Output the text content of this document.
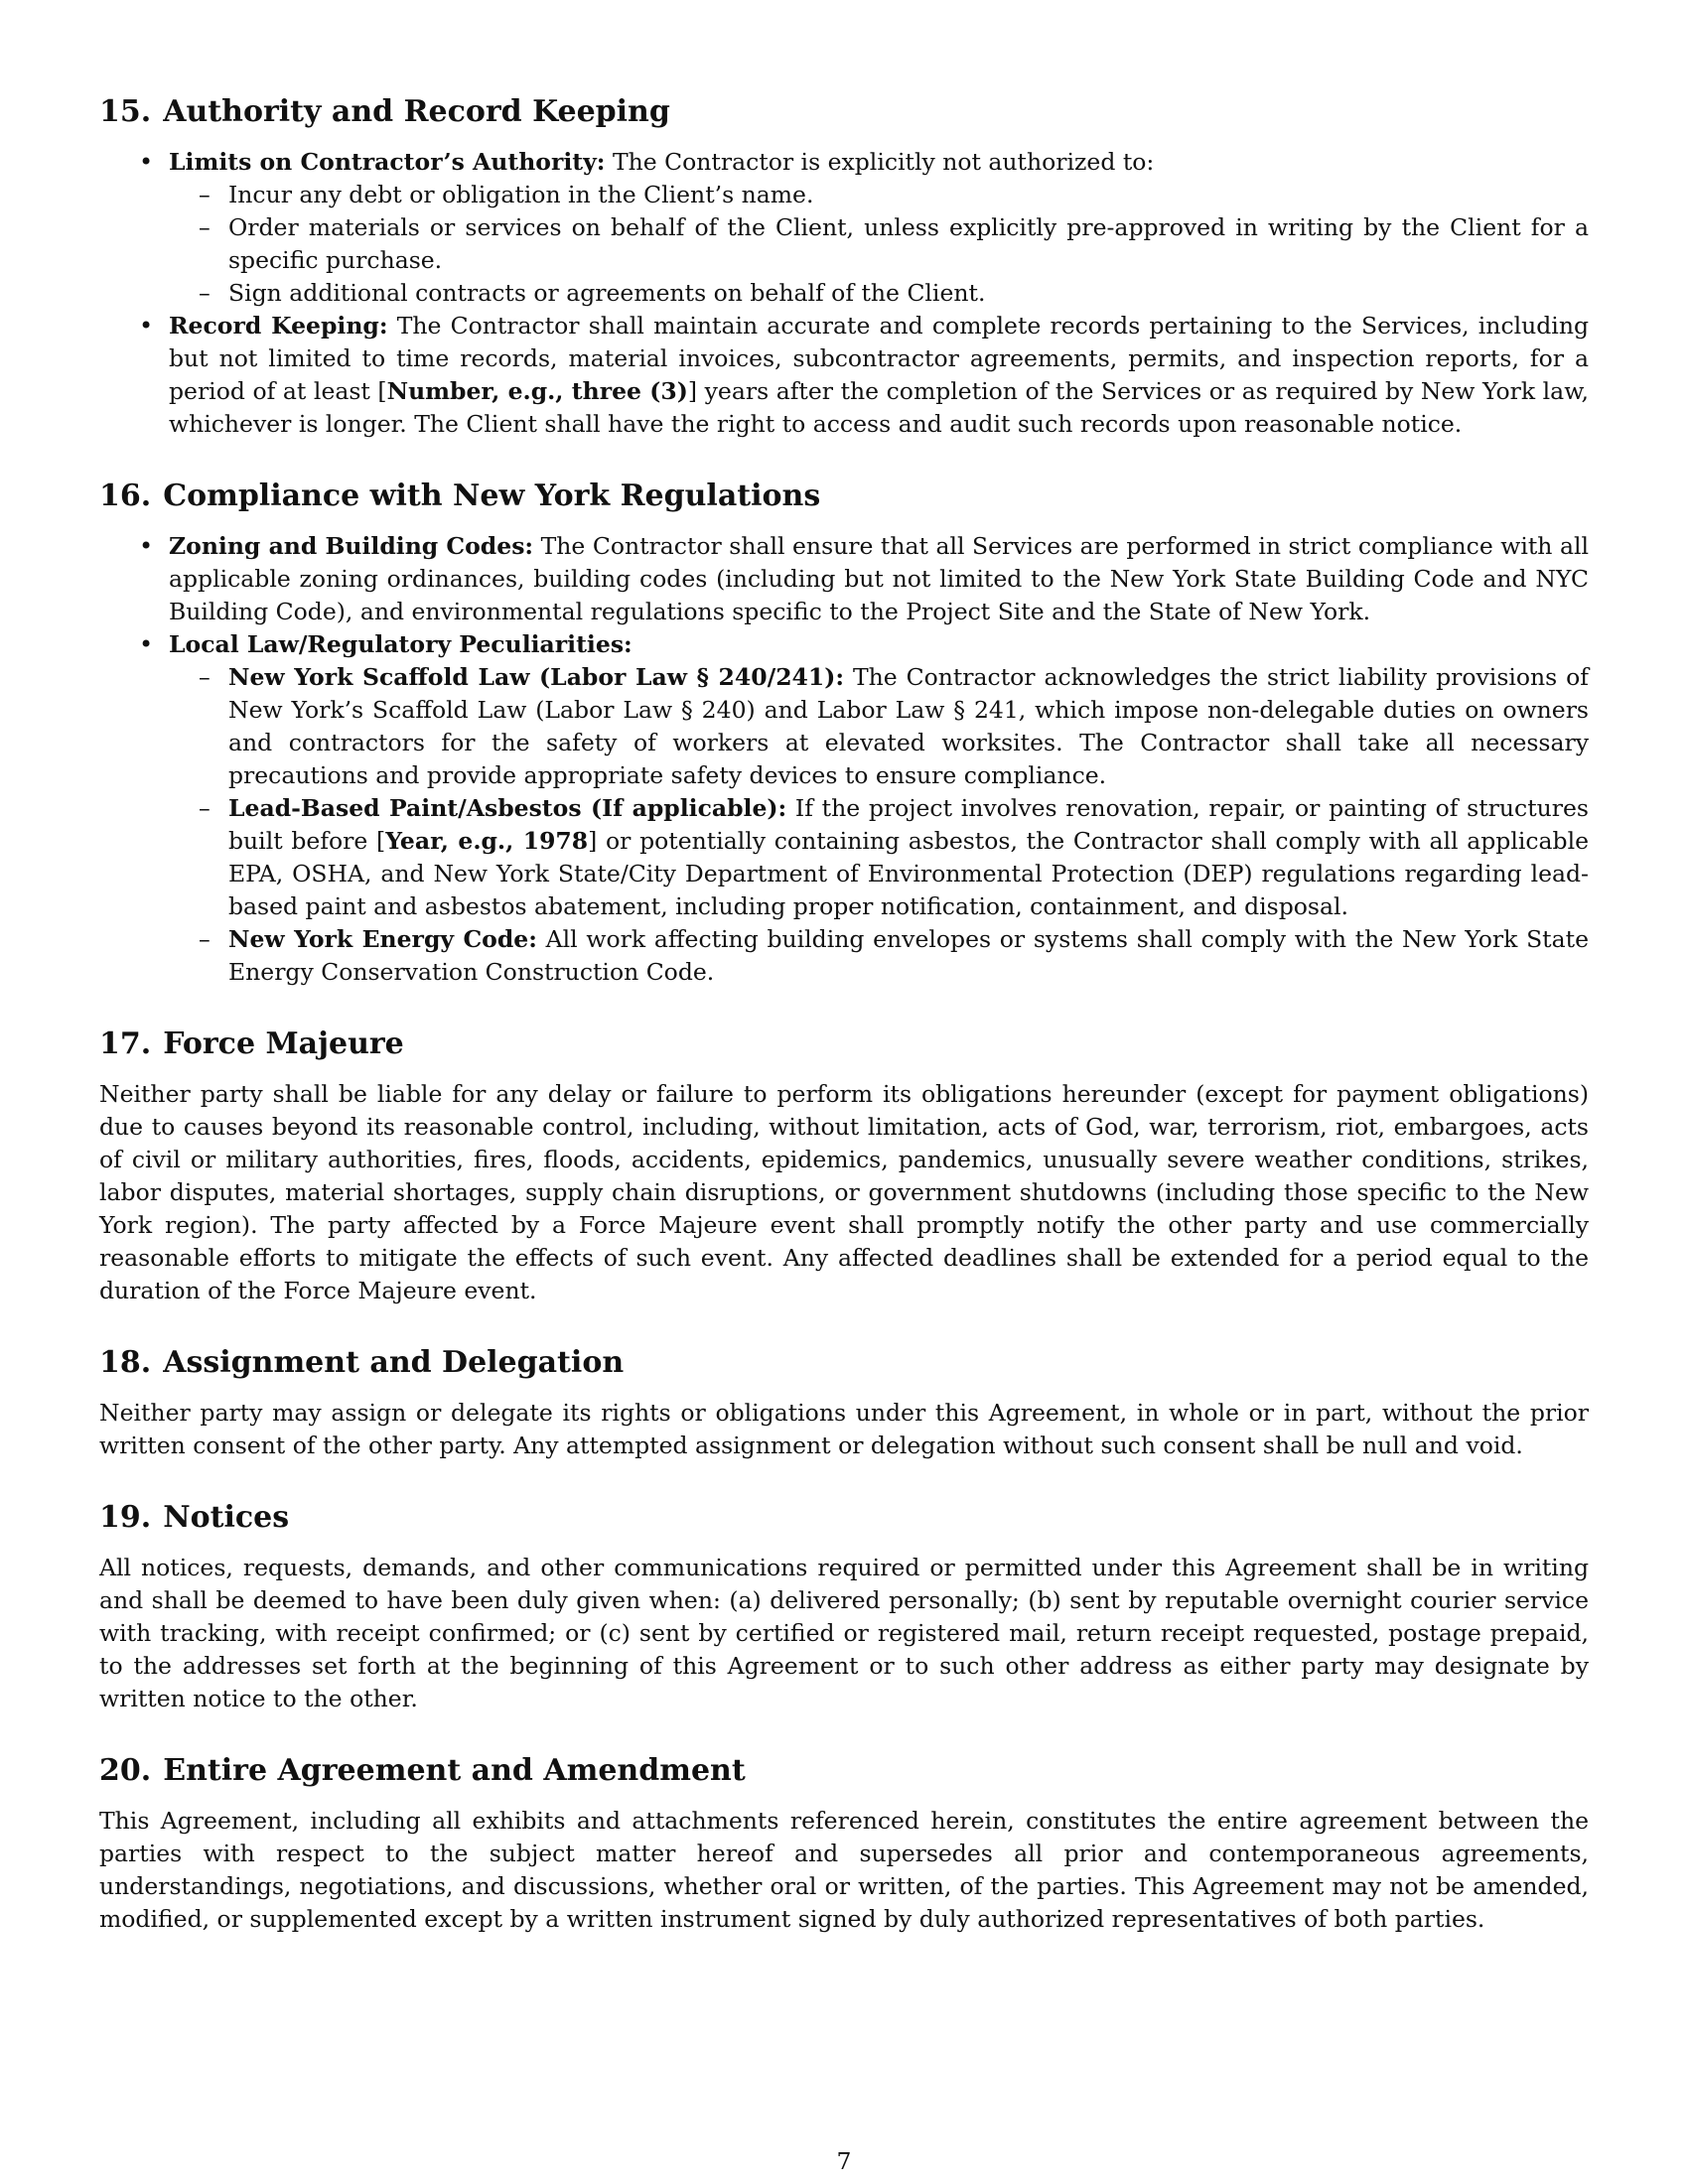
15. Authority and Record Keeping
• Limits on Contractor’s Authority: The Contractor is explicitly not authorized to:
– Incur any debt or obligation in the Client’s name.
– Order materials or services on behalf of the Client, unless explicitly pre-approved in writing by the Client for a specific purchase.
– Sign additional contracts or agreements on behalf of the Client.
• Record Keeping: The Contractor shall maintain accurate and complete records pertaining to the Services, including but not limited to time records, material invoices, subcontractor agreements, permits, and inspection reports, for a period of at least [Number, e.g., three (3)] years after the completion of the Services or as required by New York law, whichever is longer. The Client shall have the right to access and audit such records upon reasonable notice.
16. Compliance with New York Regulations
• Zoning and Building Codes: The Contractor shall ensure that all Services are performed in strict compliance with all applicable zoning ordinances, building codes (including but not limited to the New York State Building Code and NYC Building Code), and environmental regulations specific to the Project Site and the State of New York.
• Local Law/Regulatory Peculiarities:
– New York Scaffold Law (Labor Law § 240/241): The Contractor acknowledges the strict liability provisions of New York’s Scaffold Law (Labor Law § 240) and Labor Law § 241, which impose non-delegable duties on owners and contractors for the safety of workers at elevated worksites. The Contractor shall take all necessary precautions and provide appropriate safety devices to ensure compliance.
– Lead-Based Paint/Asbestos (If applicable): If the project involves renovation, repair, or painting of structures built before [Year, e.g., 1978] or potentially containing asbestos, the Contractor shall comply with all applicable EPA, OSHA, and New York State/City Department of Environmental Protection (DEP) regulations regarding lead-based paint and asbestos abatement, including proper notification, containment, and disposal.
– New York Energy Code: All work affecting building envelopes or systems shall comply with the New York State Energy Conservation Construction Code.
17. Force Majeure

Neither party shall be liable for any delay or failure to perform its obligations hereunder (except for payment obligations) due to causes beyond its reasonable control, including, without limitation, acts of God, war, terrorism, riot, embargoes, acts of civil or military authorities, fires, floods, accidents, epidemics, pandemics, unusually severe weather conditions, strikes, labor disputes, material shortages, supply chain disruptions, or government shutdowns (including those specific to the New York region). The party affected by a Force Majeure event shall promptly notify the other party and use commercially reasonable efforts to mitigate the effects of such event. Any affected deadlines shall be extended for a period equal to the duration of the Force Majeure event.

18. Assignment and Delegation

Neither party may assign or delegate its rights or obligations under this Agreement, in whole or in part, without the prior written consent of the other party. Any attempted assignment or delegation without such consent shall be null and void.

19. Notices

All notices, requests, demands, and other communications required or permitted under this Agreement shall be in writing and shall be deemed to have been duly given when: (a) delivered personally; (b) sent by reputable overnight courier service with tracking, with receipt confirmed; or (c) sent by certified or registered mail, return receipt requested, postage prepaid, to the addresses set forth at the beginning of this Agreement or to such other address as either party may designate by written notice to the other.

20. Entire Agreement and Amendment

This Agreement, including all exhibits and attachments referenced herein, constitutes the entire agreement between the parties with respect to the subject matter hereof and supersedes all prior and contemporaneous agreements, understandings, negotiations, and discussions, whether oral or written, of the parties. This Agreement may not be amended, modified, or supplemented except by a written instrument signed by duly authorized representatives of both parties.

7
